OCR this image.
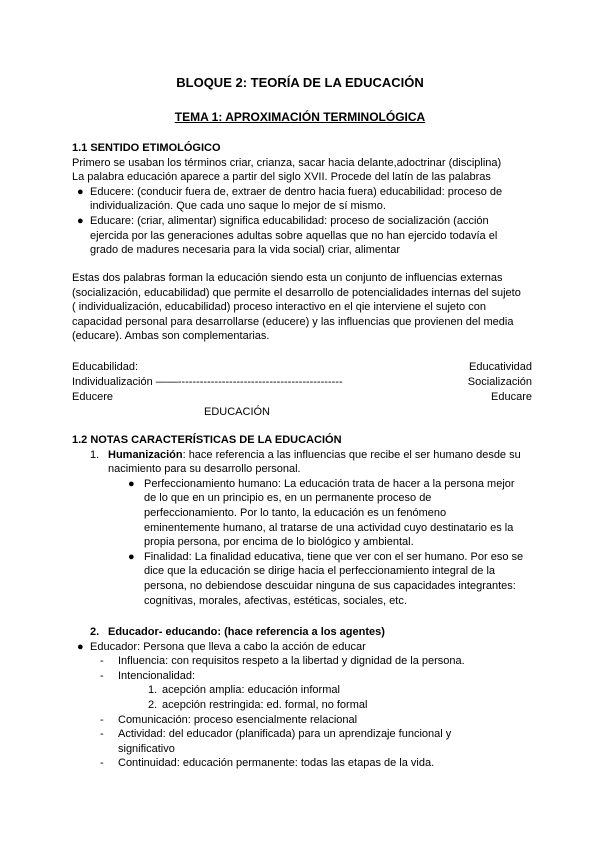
BLOQUE 2: TEORÍA DE LA EDUCACIÓN
TEMA 1: APROXIMACIÓN TERMINOLÓGICA
1.1 SENTIDO ETIMOLÓGICO
Primero se usaban los términos criar, crianza, sacar hacia delante,adoctrinar (disciplina)
La palabra educación aparece a partir del siglo XVII. Procede del latín de las palabras
● Educere: (conducir fuera de, extraer de dentro hacia fuera) educabilidad: proceso de
individualización. Que cada uno saque lo mejor de sí mismo.
● Educare: (criar, alimentar) significa educabilidad: proceso de socialización (acción
ejercida por las generaciones adultas sobre aquellas que no han ejercido todavía el
grado de madures necesaria para la vida social) criar, alimentar
Estas dos palabras forman la educación siendo esta un conjunto de influencias externas
(socialización, educabilidad) que permite el desarrollo de potencialidades internas del sujeto
( individualización, educabilidad) proceso interactivo en el qie interviene el sujeto con
capacidad personal para desarrollarse (educere) y las influencias que provienen del media
(educare). Ambas son complementarias.
Educabilidad:	Educatividad
Individualización ——---------------------------------------------	Socialización
Educere	Educare
EDUCACIÓN
1.2 NOTAS CARACTERÍSTICAS DE LA EDUCACIÓN
1. Humanización: hace referencia a las influencias que recibe el ser humano desde su
nacimiento para su desarrollo personal.
● Perfeccionamiento humano: La educación trata de hacer a la persona mejor
de lo que en un principio es, en un permanente proceso de
perfeccionamiento. Por lo tanto, la educación es un fenómeno
eminentemente humano, al tratarse de una actividad cuyo destinatario es la
propia persona, por encima de lo biológico y ambiental.
● Finalidad: La finalidad educativa, tiene que ver con el ser humano. Por eso se
dice que la educación se dirige hacia el perfeccionamiento integral de la
persona, no debiendose descuidar ninguna de sus capacidades integrantes:
cognitivas, morales, afectivas, estéticas, sociales, etc.
2. Educador- educando: (hace referencia a los agentes)
● Educador: Persona que lleva a cabo la acción de educar
- Influencia: con requisitos respeto a la libertad y dignidad de la persona.
- Intencionalidad:
1. acepción amplia: educación informal
2. acepción restringida: ed. formal, no formal
- Comunicación: proceso esencialmente relacional
- Actividad: del educador (planificada) para un aprendizaje funcional y
significativo
- Continuidad: educación permanente: todas las etapas de la vida.
